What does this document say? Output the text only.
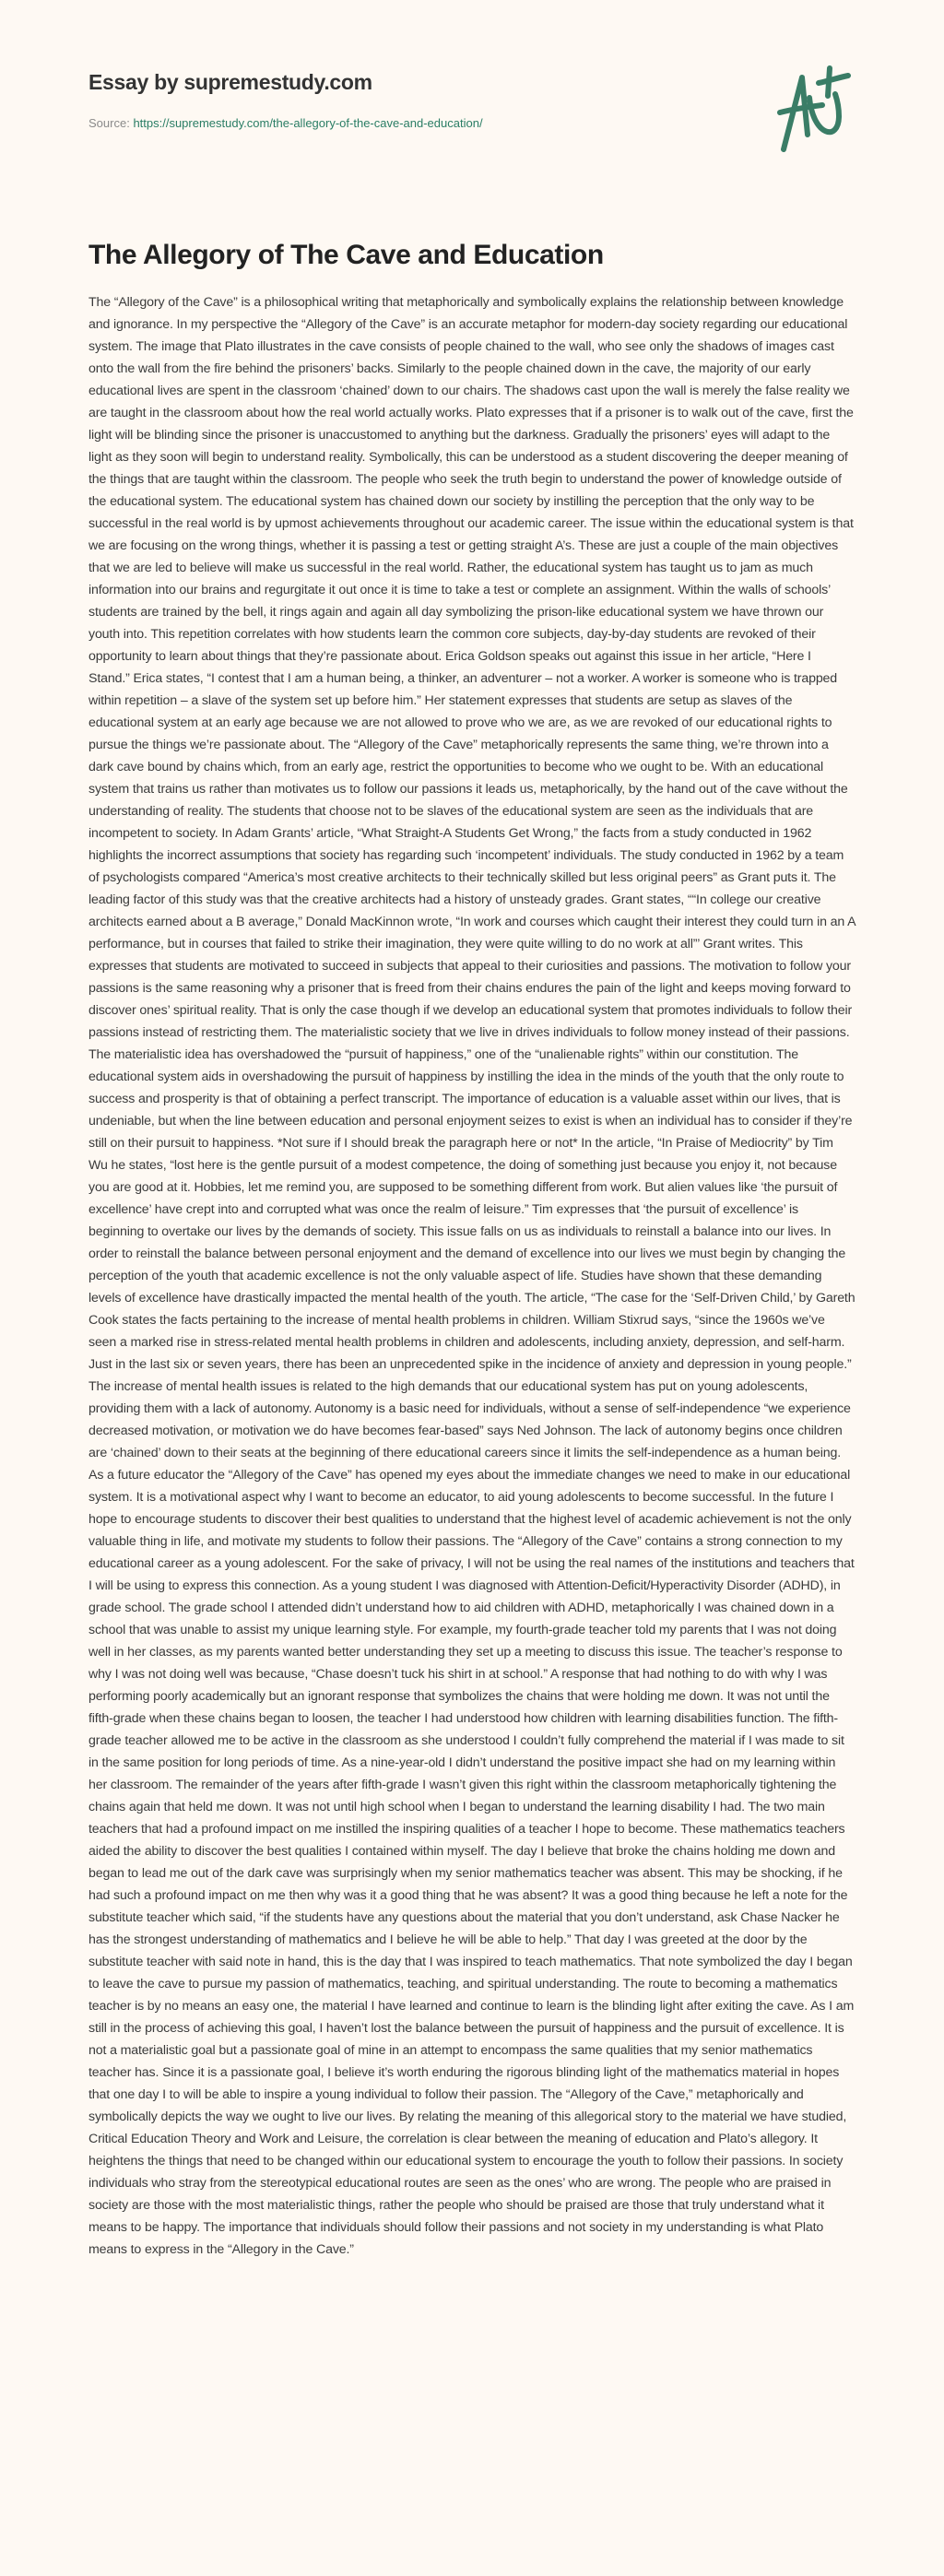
Essay by supremestudy.com
Source: https://supremestudy.com/the-allegory-of-the-cave-and-education/
The Allegory of The Cave and Education

The “Allegory of the Cave” is a philosophical writing that metaphorically and symbolically explains the relationship between knowledge and ignorance. In my perspective the “Allegory of the Cave” is an accurate metaphor for modern-day society regarding our educational system. The image that Plato illustrates in the cave consists of people chained to the wall, who see only the shadows of images cast onto the wall from the fire behind the prisoners’ backs. Similarly to the people chained down in the cave, the majority of our early educational lives are spent in the classroom ‘chained’ down to our chairs. The shadows cast upon the wall is merely the false reality we are taught in the classroom about how the real world actually works. Plato expresses that if a prisoner is to walk out of the cave, first the light will be blinding since the prisoner is unaccustomed to anything but the darkness. Gradually the prisoners’ eyes will adapt to the light as they soon will begin to understand reality. Symbolically, this can be understood as a student discovering the deeper meaning of the things that are taught within the classroom. The people who seek the truth begin to understand the power of knowledge outside of the educational system. The educational system has chained down our society by instilling the perception that the only way to be successful in the real world is by upmost achievements throughout our academic career. The issue within the educational system is that we are focusing on the wrong things, whether it is passing a test or getting straight A’s. These are just a couple of the main objectives that we are led to believe will make us successful in the real world. Rather, the educational system has taught us to jam as much information into our brains and regurgitate it out once it is time to take a test or complete an assignment. Within the walls of schools’ students are trained by the bell, it rings again and again all day symbolizing the prison-like educational system we have thrown our youth into. This repetition correlates with how students learn the common core subjects, day-by-day students are revoked of their opportunity to learn about things that they’re passionate about. Erica Goldson speaks out against this issue in her article, “Here I Stand.” Erica states, “I contest that I am a human being, a thinker, an adventurer – not a worker. A worker is someone who is trapped within repetition – a slave of the system set up before him.” Her statement expresses that students are setup as slaves of the educational system at an early age because we are not allowed to prove who we are, as we are revoked of our educational rights to pursue the things we’re passionate about. The “Allegory of the Cave” metaphorically represents the same thing, we’re thrown into a dark cave bound by chains which, from an early age, restrict the opportunities to become who we ought to be. With an educational system that trains us rather than motivates us to follow our passions it leads us, metaphorically, by the hand out of the cave without the understanding of reality. The students that choose not to be slaves of the educational system are seen as the individuals that are incompetent to society. In Adam Grants’ article, “What Straight-A Students Get Wrong,” the facts from a study conducted in 1962 highlights the incorrect assumptions that society has regarding such ‘incompetent’ individuals. The study conducted in 1962 by a team of psychologists compared “America’s most creative architects to their technically skilled but less original peers” as Grant puts it. The leading factor of this study was that the creative architects had a history of unsteady grades. Grant states, ““In college our creative architects earned about a B average,” Donald MacKinnon wrote, “In work and courses which caught their interest they could turn in an A performance, but in courses that failed to strike their imagination, they were quite willing to do no work at all”’ Grant writes. This expresses that students are motivated to succeed in subjects that appeal to their curiosities and passions. The motivation to follow your passions is the same reasoning why a prisoner that is freed from their chains endures the pain of the light and keeps moving forward to discover ones’ spiritual reality. That is only the case though if we develop an educational system that promotes individuals to follow their passions instead of restricting them. The materialistic society that we live in drives individuals to follow money instead of their passions. The materialistic idea has overshadowed the “pursuit of happiness,” one of the “unalienable rights” within our constitution. The educational system aids in overshadowing the pursuit of happiness by instilling the idea in the minds of the youth that the only route to success and prosperity is that of obtaining a perfect transcript. The importance of education is a valuable asset within our lives, that is undeniable, but when the line between education and personal enjoyment seizes to exist is when an individual has to consider if they’re still on their pursuit to happiness. *Not sure if I should break the paragraph here or not* In the article, “In Praise of Mediocrity” by Tim Wu he states, “lost here is the gentle pursuit of a modest competence, the doing of something just because you enjoy it, not because you are good at it. Hobbies, let me remind you, are supposed to be something different from work. But alien values like ‘the pursuit of excellence’ have crept into and corrupted what was once the realm of leisure.” Tim expresses that ‘the pursuit of excellence’ is beginning to overtake our lives by the demands of society. This issue falls on us as individuals to reinstall a balance into our lives. In order to reinstall the balance between personal enjoyment and the demand of excellence into our lives we must begin by changing the perception of the youth that academic excellence is not the only valuable aspect of life. Studies have shown that these demanding levels of excellence have drastically impacted the mental health of the youth. The article, “The case for the ‘Self-Driven Child,’ by Gareth Cook states the facts pertaining to the increase of mental health problems in children. William Stixrud says, “since the 1960s we’ve seen a marked rise in stress-related mental health problems in children and adolescents, including anxiety, depression, and self-harm. Just in the last six or seven years, there has been an unprecedented spike in the incidence of anxiety and depression in young people.” The increase of mental health issues is related to the high demands that our educational system has put on young adolescents, providing them with a lack of autonomy. Autonomy is a basic need for individuals, without a sense of self-independence “we experience decreased motivation, or motivation we do have becomes fear-based” says Ned Johnson. The lack of autonomy begins once children are ‘chained’ down to their seats at the beginning of there educational careers since it limits the self-independence as a human being. As a future educator the “Allegory of the Cave” has opened my eyes about the immediate changes we need to make in our educational system. It is a motivational aspect why I want to become an educator, to aid young adolescents to become successful. In the future I hope to encourage students to discover their best qualities to understand that the highest level of academic achievement is not the only valuable thing in life, and motivate my students to follow their passions. The “Allegory of the Cave” contains a strong connection to my educational career as a young adolescent. For the sake of privacy, I will not be using the real names of the institutions and teachers that I will be using to express this connection. As a young student I was diagnosed with Attention-Deficit/Hyperactivity Disorder (ADHD), in grade school. The grade school I attended didn’t understand how to aid children with ADHD, metaphorically I was chained down in a school that was unable to assist my unique learning style. For example, my fourth-grade teacher told my parents that I was not doing well in her classes, as my parents wanted better understanding they set up a meeting to discuss this issue. The teacher’s response to why I was not doing well was because, “Chase doesn’t tuck his shirt in at school.” A response that had nothing to do with why I was performing poorly academically but an ignorant response that symbolizes the chains that were holding me down. It was not until the fifth-grade when these chains began to loosen, the teacher I had understood how children with learning disabilities function. The fifth-grade teacher allowed me to be active in the classroom as she understood I couldn’t fully comprehend the material if I was made to sit in the same position for long periods of time. As a nine-year-old I didn’t understand the positive impact she had on my learning within her classroom. The remainder of the years after fifth-grade I wasn’t given this right within the classroom metaphorically tightening the chains again that held me down. It was not until high school when I began to understand the learning disability I had. The two main teachers that had a profound impact on me instilled the inspiring qualities of a teacher I hope to become. These mathematics teachers aided the ability to discover the best qualities I contained within myself. The day I believe that broke the chains holding me down and began to lead me out of the dark cave was surprisingly when my senior mathematics teacher was absent. This may be shocking, if he had such a profound impact on me then why was it a good thing that he was absent? It was a good thing because he left a note for the substitute teacher which said, “if the students have any questions about the material that you don’t understand, ask Chase Nacker he has the strongest understanding of mathematics and I believe he will be able to help.” That day I was greeted at the door by the substitute teacher with said note in hand, this is the day that I was inspired to teach mathematics. That note symbolized the day I began to leave the cave to pursue my passion of mathematics, teaching, and spiritual understanding. The route to becoming a mathematics teacher is by no means an easy one, the material I have learned and continue to learn is the blinding light after exiting the cave. As I am still in the process of achieving this goal, I haven’t lost the balance between the pursuit of happiness and the pursuit of excellence. It is not a materialistic goal but a passionate goal of mine in an attempt to encompass the same qualities that my senior mathematics teacher has. Since it is a passionate goal, I believe it’s worth enduring the rigorous blinding light of the mathematics material in hopes that one day I to will be able to inspire a young individual to follow their passion. The “Allegory of the Cave,” metaphorically and symbolically depicts the way we ought to live our lives. By relating the meaning of this allegorical story to the material we have studied, Critical Education Theory and Work and Leisure, the correlation is clear between the meaning of education and Plato’s allegory. It heightens the things that need to be changed within our educational system to encourage the youth to follow their passions. In society individuals who stray from the stereotypical educational routes are seen as the ones’ who are wrong. The people who are praised in society are those with the most materialistic things, rather the people who should be praised are those that truly understand what it means to be happy. The importance that individuals should follow their passions and not society in my understanding is what Plato means to express in the “Allegory in the Cave.”
